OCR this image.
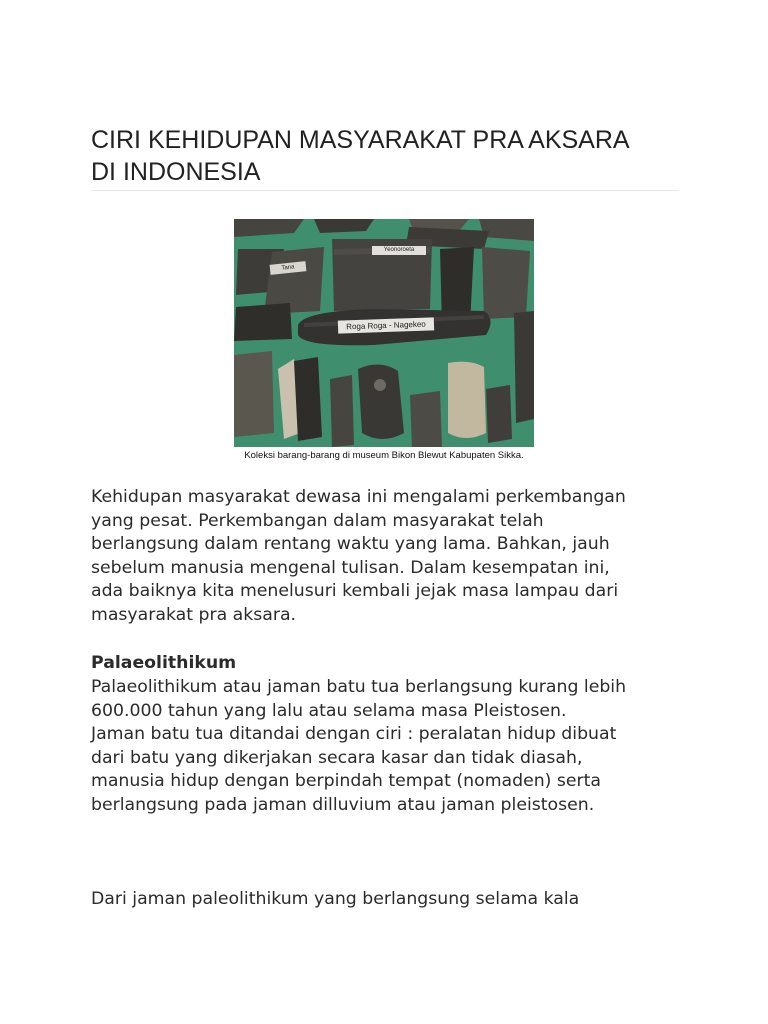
CIRI KEHIDUPAN MASYARAKAT PRA AKSARA
DI INDONESIA
Tana
Yeonoroeta
Roga Roga - Nagekeo
Koleksi barang-barang di museum Bikon Blewut Kabupaten Sikka.
Kehidupan masyarakat dewasa ini mengalami perkembangan
yang pesat. Perkembangan dalam masyarakat telah
berlangsung dalam rentang waktu yang lama. Bahkan, jauh
sebelum manusia mengenal tulisan. Dalam kesempatan ini,
ada baiknya kita menelusuri kembali jejak masa lampau dari
masyarakat pra aksara.
Palaeolithikum
Palaeolithikum atau jaman batu tua berlangsung kurang lebih
600.000 tahun yang lalu atau selama masa Pleistosen.
Jaman batu tua ditandai dengan ciri : peralatan hidup dibuat
dari batu yang dikerjakan secara kasar dan tidak diasah,
manusia hidup dengan berpindah tempat (nomaden) serta
berlangsung pada jaman dilluvium atau jaman pleistosen.
Dari jaman paleolithikum yang berlangsung selama kala
